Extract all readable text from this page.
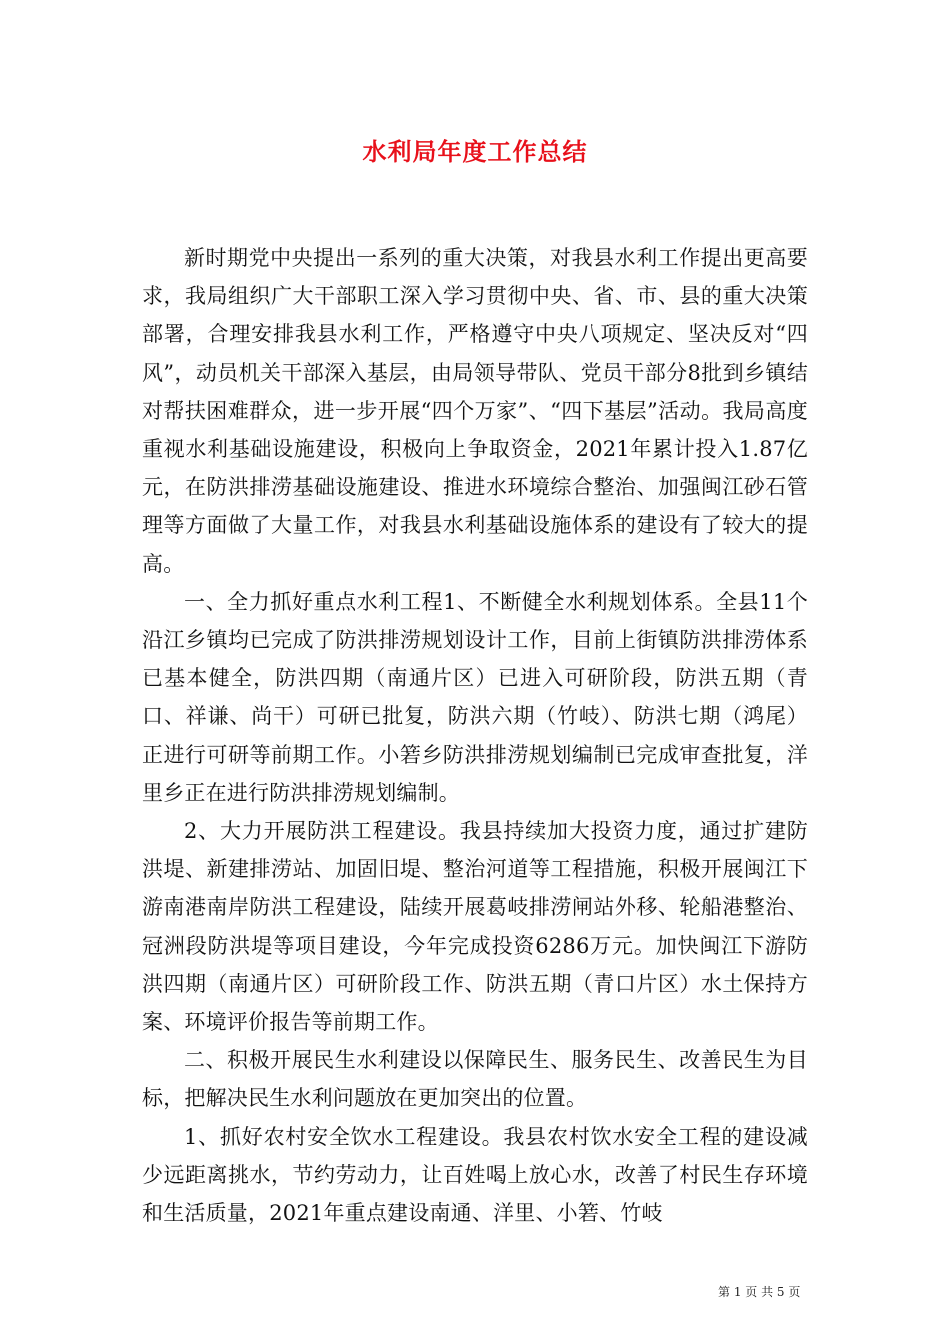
水利局年度工作总结

新时期党中央提出一系列的重大决策，对我县水利工作提出更高要求，我局组织广大干部职工深入学习贯彻中央、省、市、县的重大决策部署，合理安排我县水利工作，严格遵守中央八项规定、坚决反对“四风”，动员机关干部深入基层，由局领导带队、党员干部分8批到乡镇结对帮扶困难群众，进一步开展“四个万家”、“四下基层”活动。我局高度重视水利基础设施建设，积极向上争取资金，2021年累计投入1.87亿元，在防洪排涝基础设施建设、推进水环境综合整治、加强闽江砂石管理等方面做了大量工作，对我县水利基础设施体系的建设有了较大的提高。

一、全力抓好重点水利工程1、不断健全水利规划体系。全县11个沿江乡镇均已完成了防洪排涝规划设计工作，目前上街镇防洪排涝体系已基本健全，防洪四期（南通片区）已进入可研阶段，防洪五期（青口、祥谦、尚干）可研已批复，防洪六期（竹岐）、防洪七期（鸿尾）正进行可研等前期工作。小箬乡防洪排涝规划编制已完成审查批复，洋里乡正在进行防洪排涝规划编制。

2、大力开展防洪工程建设。我县持续加大投资力度，通过扩建防洪堤、新建排涝站、加固旧堤、整治河道等工程措施，积极开展闽江下游南港南岸防洪工程建设，陆续开展葛岐排涝闸站外移、轮船港整治、冠洲段防洪堤等项目建设，今年完成投资6286万元。加快闽江下游防洪四期（南通片区）可研阶段工作、防洪五期（青口片区）水土保持方案、环境评价报告等前期工作。

二、积极开展民生水利建设以保障民生、服务民生、改善民生为目标，把解决民生水利问题放在更加突出的位置。

1、抓好农村安全饮水工程建设。我县农村饮水安全工程的建设减少远距离挑水，节约劳动力，让百姓喝上放心水，改善了村民生存环境和生活质量，2021年重点建设南通、洋里、小箬、竹岐

第 1 页 共 5 页
